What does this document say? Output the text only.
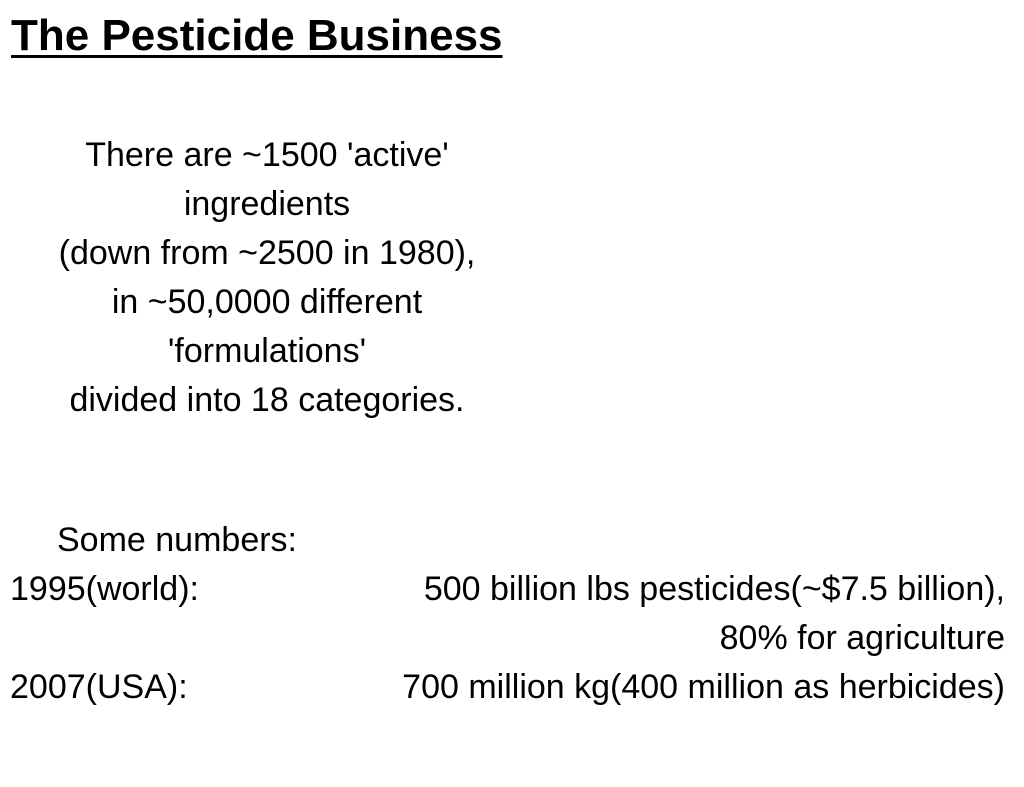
The Pesticide Business
There are ~1500 'active'
ingredients
(down from ~2500 in 1980),
in ~50,0000 different
'formulations'
divided into 18 categories.
Some numbers:
1995(world):	500 billion lbs pesticides(~$7.5 billion),
80% for agriculture
2007(USA):	700 million kg(400 million as herbicides)
